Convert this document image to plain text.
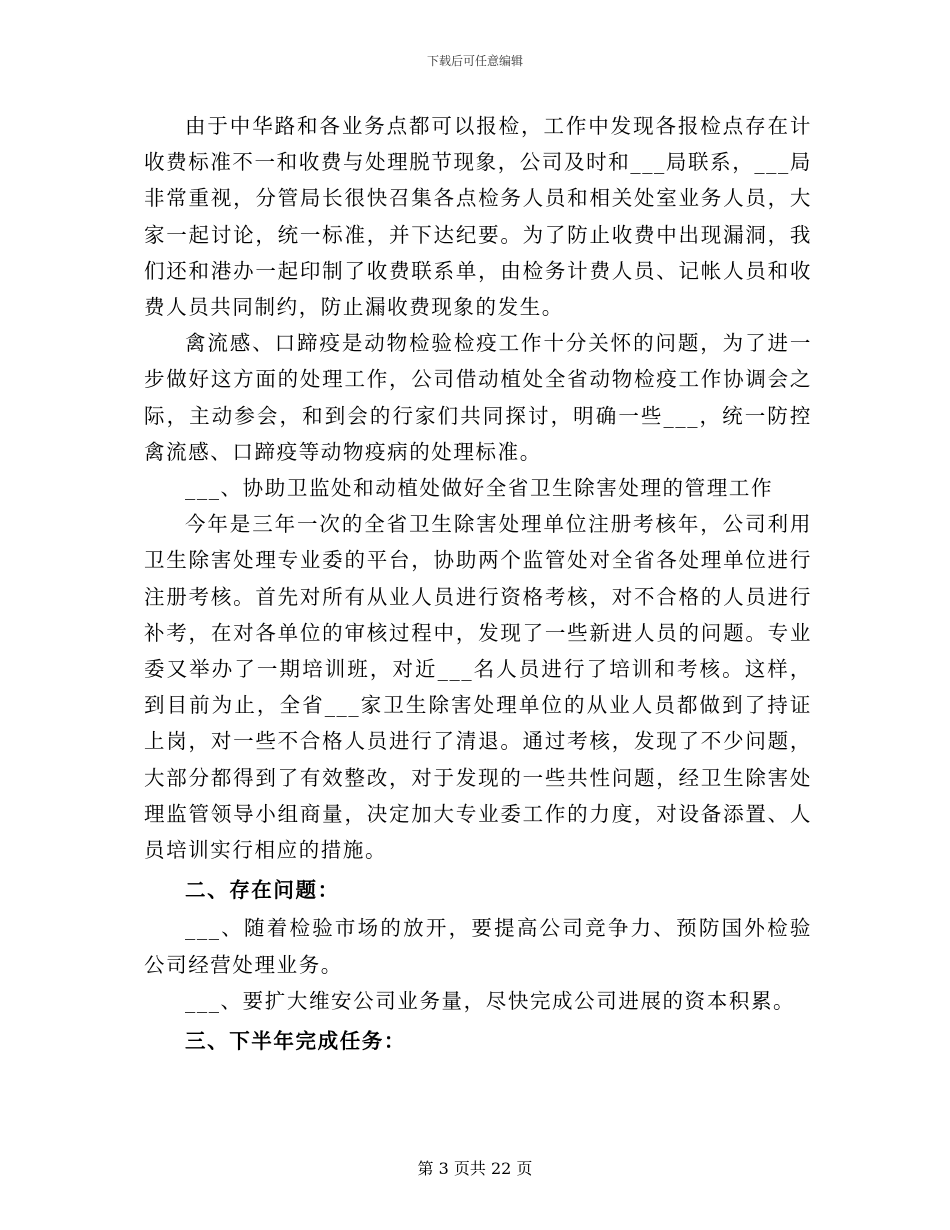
下载后可任意编辑

由于中华路和各业务点都可以报检，工作中发现各报检点存在计收费标准不一和收费与处理脱节现象，公司及时和___局联系，___局非常重视，分管局长很快召集各点检务人员和相关处室业务人员，大家一起讨论，统一标准，并下达纪要。为了防止收费中出现漏洞，我们还和港办一起印制了收费联系单，由检务计费人员、记帐人员和收费人员共同制约，防止漏收费现象的发生。

禽流感、口蹄疫是动物检验检疫工作十分关怀的问题，为了进一步做好这方面的处理工作，公司借动植处全省动物检疫工作协调会之际，主动参会，和到会的行家们共同探讨，明确一些___，统一防控禽流感、口蹄疫等动物疫病的处理标准。

___、协助卫监处和动植处做好全省卫生除害处理的管理工作

今年是三年一次的全省卫生除害处理单位注册考核年，公司利用卫生除害处理专业委的平台，协助两个监管处对全省各处理单位进行注册考核。首先对所有从业人员进行资格考核，对不合格的人员进行补考，在对各单位的审核过程中，发现了一些新进人员的问题。专业委又举办了一期培训班，对近___名人员进行了培训和考核。这样，到目前为止，全省___家卫生除害处理单位的从业人员都做到了持证上岗，对一些不合格人员进行了清退。通过考核，发现了不少问题，大部分都得到了有效整改，对于发现的一些共性问题，经卫生除害处理监管领导小组商量，决定加大专业委工作的力度，对设备添置、人员培训实行相应的措施。

二、存在问题：

___、随着检验市场的放开，要提高公司竞争力、预防国外检验公司经营处理业务。

___、要扩大维安公司业务量，尽快完成公司进展的资本积累。

三、下半年完成任务：

第 3 页共 22 页
